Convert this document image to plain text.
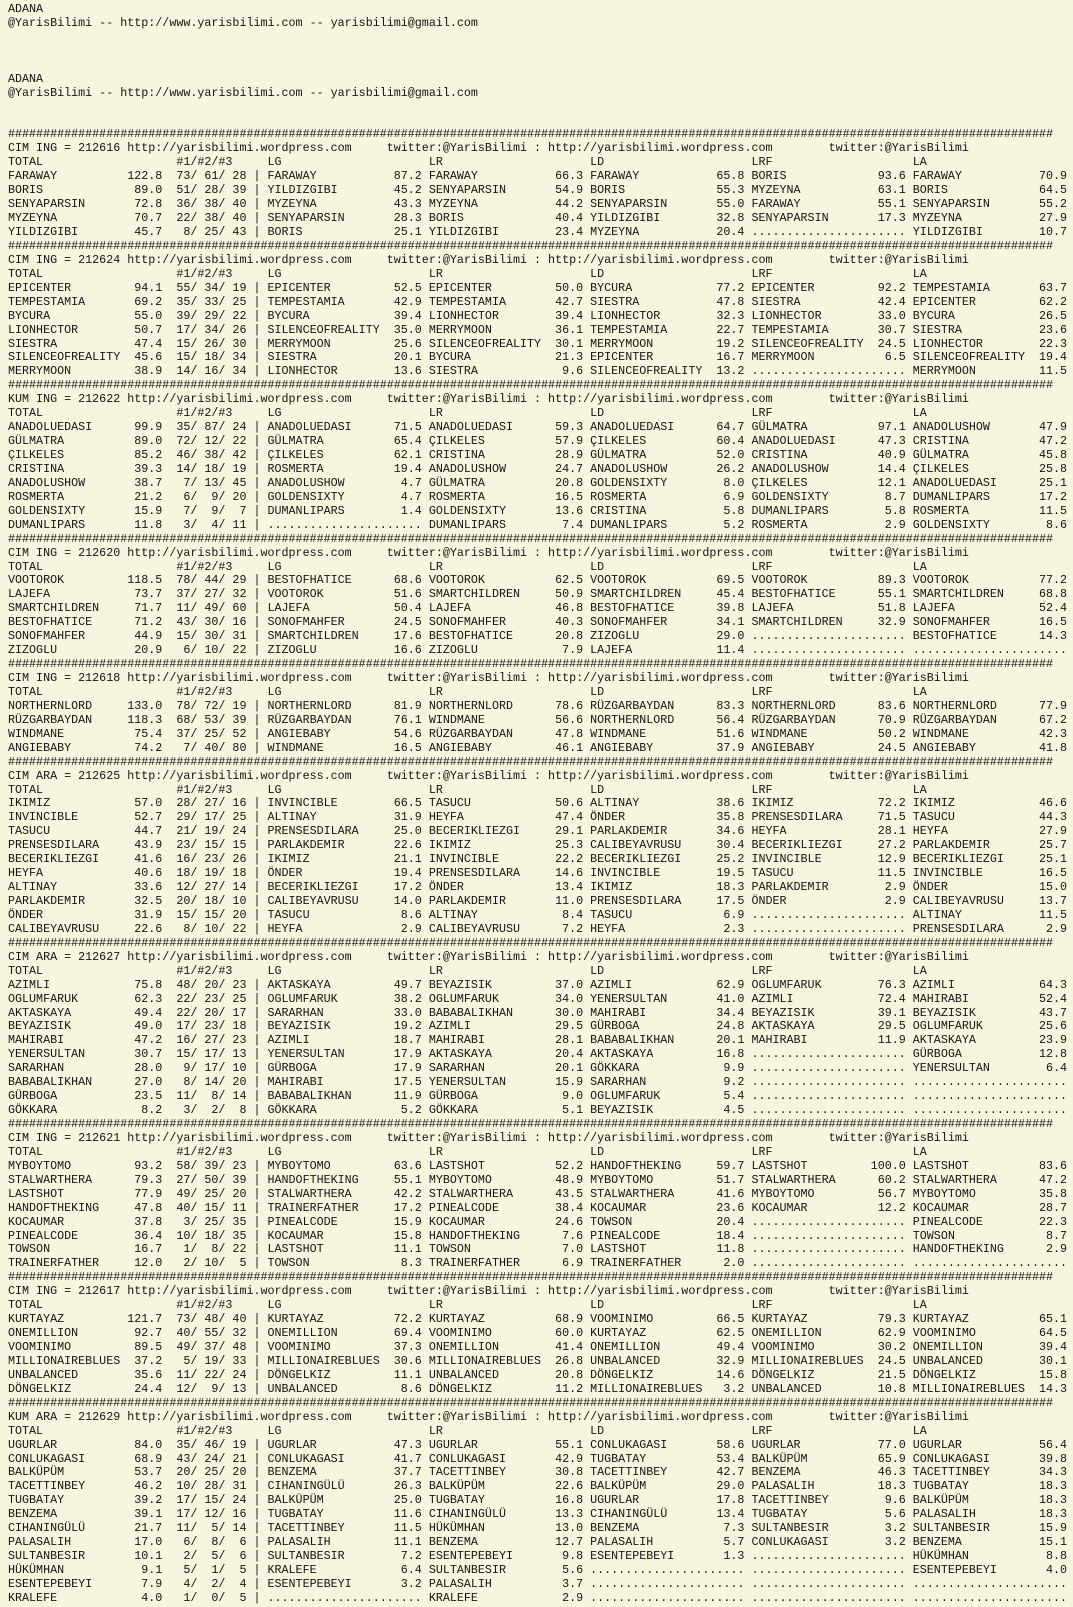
ADANA
@YarisBilimi -- http://www.yarisbilimi.com -- yarisbilimi@gmail.com
ADANA
@YarisBilimi -- http://www.yarisbilimi.com -- yarisbilimi@gmail.com
#####################################################################################################################################################
CIM ING = 212616 http://yarisbilimi.wordpress.com     twitter:@YarisBilimi : http://yarisbilimi.wordpress.com        twitter:@YarisBilimi
TOTAL                   #1/#2/#3     LG                     LR                     LD                     LRF                    LA
FARAWAY          122.8  73/ 61/ 28 | FARAWAY           87.2 FARAWAY           66.3 FARAWAY           65.8 BORIS             93.6 FARAWAY           70.9
BORIS             89.0  51/ 28/ 39 | YILDIZGIBI        45.2 SENYAPARSIN       54.9 BORIS             55.3 MYZEYNA           63.1 BORIS             64.5
SENYAPARSIN       72.8  36/ 38/ 40 | MYZEYNA           43.3 MYZEYNA           44.2 SENYAPARSIN       55.0 FARAWAY           55.1 SENYAPARSIN       55.2
MYZEYNA           70.7  22/ 38/ 40 | SENYAPARSIN       28.3 BORIS             40.4 YILDIZGIBI        32.8 SENYAPARSIN       17.3 MYZEYNA           27.9
YILDIZGIBI        45.7   8/ 25/ 43 | BORIS             25.1 YILDIZGIBI        23.4 MYZEYNA           20.4 ...................... YILDIZGIBI        10.7
#####################################################################################################################################################
CIM ING = 212624 http://yarisbilimi.wordpress.com     twitter:@YarisBilimi : http://yarisbilimi.wordpress.com        twitter:@YarisBilimi
TOTAL                   #1/#2/#3     LG                     LR                     LD                     LRF                    LA
EPICENTER         94.1  55/ 34/ 19 | EPICENTER         52.5 EPICENTER         50.0 BYCURA            77.2 EPICENTER         92.2 TEMPESTAMIA       63.7
TEMPESTAMIA       69.2  35/ 33/ 25 | TEMPESTAMIA       42.9 TEMPESTAMIA       42.7 SIESTRA           47.8 SIESTRA           42.4 EPICENTER         62.2
BYCURA            55.0  39/ 29/ 22 | BYCURA            39.4 LIONHECTOR        39.4 LIONHECTOR        32.3 LIONHECTOR        33.0 BYCURA            26.5
LIONHECTOR        50.7  17/ 34/ 26 | SILENCEOFREALITY  35.0 MERRYMOON         36.1 TEMPESTAMIA       22.7 TEMPESTAMIA       30.7 SIESTRA           23.6
SIESTRA           47.4  15/ 26/ 30 | MERRYMOON         25.6 SILENCEOFREALITY  30.1 MERRYMOON         19.2 SILENCEOFREALITY  24.5 LIONHECTOR        22.3
SILENCEOFREALITY  45.6  15/ 18/ 34 | SIESTRA           20.1 BYCURA            21.3 EPICENTER         16.7 MERRYMOON          6.5 SILENCEOFREALITY  19.4
MERRYMOON         38.9  14/ 16/ 34 | LIONHECTOR        13.6 SIESTRA            9.6 SILENCEOFREALITY  13.2 ...................... MERRYMOON         11.5
#####################################################################################################################################################
KUM ING = 212622 http://yarisbilimi.wordpress.com     twitter:@YarisBilimi : http://yarisbilimi.wordpress.com        twitter:@YarisBilimi
TOTAL                   #1/#2/#3     LG                     LR                     LD                     LRF                    LA
ANADOLUEDASI      99.9  35/ 87/ 24 | ANADOLUEDASI      71.5 ANADOLUEDASI      59.3 ANADOLUEDASI      64.7 GÜLMATRA          97.1 ANADOLUSHOW       47.9
GÜLMATRA          89.0  72/ 12/ 22 | GÜLMATRA          65.4 ÇILKELES          57.9 ÇILKELES          60.4 ANADOLUEDASI      47.3 CRISTINA          47.2
ÇILKELES          85.2  46/ 38/ 42 | ÇILKELES          62.1 CRISTINA          28.9 GÜLMATRA          52.0 CRISTINA          40.9 GÜLMATRA          45.8
CRISTINA          39.3  14/ 18/ 19 | ROSMERTA          19.4 ANADOLUSHOW       24.7 ANADOLUSHOW       26.2 ANADOLUSHOW       14.4 ÇILKELES          25.8
ANADOLUSHOW       38.7   7/ 13/ 45 | ANADOLUSHOW        4.7 GÜLMATRA          20.8 GOLDENSIXTY        8.0 ÇILKELES          12.1 ANADOLUEDASI      25.1
ROSMERTA          21.2   6/  9/ 20 | GOLDENSIXTY        4.7 ROSMERTA          16.5 ROSMERTA           6.9 GOLDENSIXTY        8.7 DUMANLIPARS       17.2
GOLDENSIXTY       15.9   7/  9/  7 | DUMANLIPARS        1.4 GOLDENSIXTY       13.6 CRISTINA           5.8 DUMANLIPARS        5.8 ROSMERTA          11.5
DUMANLIPARS       11.8   3/  4/ 11 | ...................... DUMANLIPARS        7.4 DUMANLIPARS        5.2 ROSMERTA           2.9 GOLDENSIXTY        8.6
#####################################################################################################################################################
CIM ING = 212620 http://yarisbilimi.wordpress.com     twitter:@YarisBilimi : http://yarisbilimi.wordpress.com        twitter:@YarisBilimi
TOTAL                   #1/#2/#3     LG                     LR                     LD                     LRF                    LA
VOOTOROK         118.5  78/ 44/ 29 | BESTOFHATICE      68.6 VOOTOROK          62.5 VOOTOROK          69.5 VOOTOROK          89.3 VOOTOROK          77.2
LAJEFA            73.7  37/ 27/ 32 | VOOTOROK          51.6 SMARTCHILDREN     50.9 SMARTCHILDREN     45.4 BESTOFHATICE      55.1 SMARTCHILDREN     68.8
SMARTCHILDREN     71.7  11/ 49/ 60 | LAJEFA            50.4 LAJEFA            46.8 BESTOFHATICE      39.8 LAJEFA            51.8 LAJEFA            52.4
BESTOFHATICE      71.2  43/ 30/ 16 | SONOFMAHFER       24.5 SONOFMAHFER       40.3 SONOFMAHFER       34.1 SMARTCHILDREN     32.9 SONOFMAHFER       16.5
SONOFMAHFER       44.9  15/ 30/ 31 | SMARTCHILDREN     17.6 BESTOFHATICE      20.8 ZIZOGLU           29.0 ...................... BESTOFHATICE      14.3
ZIZOGLU           20.9   6/ 10/ 22 | ZIZOGLU           16.6 ZIZOGLU            7.9 LAJEFA            11.4 ...................... ......................
#####################################################################################################################################################
CIM ING = 212618 http://yarisbilimi.wordpress.com     twitter:@YarisBilimi : http://yarisbilimi.wordpress.com        twitter:@YarisBilimi
TOTAL                   #1/#2/#3     LG                     LR                     LD                     LRF                    LA
NORTHERNLORD     133.0  78/ 72/ 19 | NORTHERNLORD      81.9 NORTHERNLORD      78.6 RÜZGARBAYDAN      83.3 NORTHERNLORD      83.6 NORTHERNLORD      77.9
RÜZGARBAYDAN     118.3  68/ 53/ 39 | RÜZGARBAYDAN      76.1 WINDMANE          56.6 NORTHERNLORD      56.4 RÜZGARBAYDAN      70.9 RÜZGARBAYDAN      67.2
WINDMANE          75.4  37/ 25/ 52 | ANGIEBABY         54.6 RÜZGARBAYDAN      47.8 WINDMANE          51.6 WINDMANE          50.2 WINDMANE          42.3
ANGIEBABY         74.2   7/ 40/ 80 | WINDMANE          16.5 ANGIEBABY         46.1 ANGIEBABY         37.9 ANGIEBABY         24.5 ANGIEBABY         41.8
#####################################################################################################################################################
CIM ARA = 212625 http://yarisbilimi.wordpress.com     twitter:@YarisBilimi : http://yarisbilimi.wordpress.com        twitter:@YarisBilimi
TOTAL                   #1/#2/#3     LG                     LR                     LD                     LRF                    LA
IKIMIZ            57.0  28/ 27/ 16 | INVINCIBLE        66.5 TASUCU            50.6 ALTINAY           38.6 IKIMIZ            72.2 IKIMIZ            46.6
INVINCIBLE        52.7  29/ 17/ 25 | ALTINAY           31.9 HEYFA             47.4 ÖNDER             35.8 PRENSESDILARA     71.5 TASUCU            44.3
TASUCU            44.7  21/ 19/ 24 | PRENSESDILARA     25.0 BECERIKLIEZGI     29.1 PARLAKDEMIR       34.6 HEYFA             28.1 HEYFA             27.9
PRENSESDILARA     43.9  23/ 15/ 15 | PARLAKDEMIR       22.6 IKIMIZ            25.3 CALIBEYAVRUSU     30.4 BECERIKLIEZGI     27.2 PARLAKDEMIR       25.7
BECERIKLIEZGI     41.6  16/ 23/ 26 | IKIMIZ            21.1 INVINCIBLE        22.2 BECERIKLIEZGI     25.2 INVINCIBLE        12.9 BECERIKLIEZGI     25.1
HEYFA             40.6  18/ 19/ 18 | ÖNDER             19.4 PRENSESDILARA     14.6 INVINCIBLE        19.5 TASUCU            11.5 INVINCIBLE        16.5
ALTINAY           33.6  12/ 27/ 14 | BECERIKLIEZGI     17.2 ÖNDER             13.4 IKIMIZ            18.3 PARLAKDEMIR        2.9 ÖNDER             15.0
PARLAKDEMIR       32.5  20/ 18/ 10 | CALIBEYAVRUSU     14.0 PARLAKDEMIR       11.0 PRENSESDILARA     17.5 ÖNDER              2.9 CALIBEYAVRUSU     13.7
ÖNDER             31.9  15/ 15/ 20 | TASUCU             8.6 ALTINAY            8.4 TASUCU             6.9 ...................... ALTINAY           11.5
CALIBEYAVRUSU     22.6   8/ 10/ 22 | HEYFA              2.9 CALIBEYAVRUSU      7.2 HEYFA              2.3 ...................... PRENSESDILARA      2.9
#####################################################################################################################################################
CIM ARA = 212627 http://yarisbilimi.wordpress.com     twitter:@YarisBilimi : http://yarisbilimi.wordpress.com        twitter:@YarisBilimi
TOTAL                   #1/#2/#3     LG                     LR                     LD                     LRF                    LA
AZIMLI            75.8  48/ 20/ 23 | AKTASKAYA         49.7 BEYAZISIK         37.0 AZIMLI            62.9 OGLUMFARUK        76.3 AZIMLI            64.3
OGLUMFARUK        62.3  22/ 23/ 25 | OGLUMFARUK        38.2 OGLUMFARUK        34.0 YENERSULTAN       41.0 AZIMLI            72.4 MAHIRABI          52.4
AKTASKAYA         49.4  22/ 20/ 17 | SARARHAN          33.0 BABABALIKHAN      30.0 MAHIRABI          34.4 BEYAZISIK         39.1 BEYAZISIK         43.7
BEYAZISIK         49.0  17/ 23/ 18 | BEYAZISIK         19.2 AZIMLI            29.5 GÜRBOGA           24.8 AKTASKAYA         29.5 OGLUMFARUK        25.6
MAHIRABI          47.2  16/ 27/ 23 | AZIMLI            18.7 MAHIRABI          28.1 BABABALIKHAN      20.1 MAHIRABI          11.9 AKTASKAYA         23.9
YENERSULTAN       30.7  15/ 17/ 13 | YENERSULTAN       17.9 AKTASKAYA         20.4 AKTASKAYA         16.8 ...................... GÜRBOGA           12.8
SARARHAN          28.0   9/ 17/ 10 | GÜRBOGA           17.9 SARARHAN          20.1 GÖKKARA            9.9 ...................... YENERSULTAN        6.4
BABABALIKHAN      27.0   8/ 14/ 20 | MAHIRABI          17.5 YENERSULTAN       15.9 SARARHAN           9.2 ...................... ......................
GÜRBOGA           23.5  11/  8/ 14 | BABABALIKHAN      11.9 GÜRBOGA            9.0 OGLUMFARUK         5.4 ...................... ......................
GÖKKARA            8.2   3/  2/  8 | GÖKKARA            5.2 GÖKKARA            5.1 BEYAZISIK          4.5 ...................... ......................
#####################################################################################################################################################
CIM ING = 212621 http://yarisbilimi.wordpress.com     twitter:@YarisBilimi : http://yarisbilimi.wordpress.com        twitter:@YarisBilimi
TOTAL                   #1/#2/#3     LG                     LR                     LD                     LRF                    LA
MYBOYTOMO         93.2  58/ 39/ 23 | MYBOYTOMO         63.6 LASTSHOT          52.2 HANDOFTHEKING     59.7 LASTSHOT         100.0 LASTSHOT          83.6
STALWARTHERA      79.3  27/ 50/ 39 | HANDOFTHEKING     55.1 MYBOYTOMO         48.9 MYBOYTOMO         51.7 STALWARTHERA      60.2 STALWARTHERA      47.2
LASTSHOT          77.9  49/ 25/ 20 | STALWARTHERA      42.2 STALWARTHERA      43.5 STALWARTHERA      41.6 MYBOYTOMO         56.7 MYBOYTOMO         35.8
HANDOFTHEKING     47.8  40/ 15/ 11 | TRAINERFATHER     17.2 PINEALCODE        38.4 KOCAUMAR          23.6 KOCAUMAR          12.2 KOCAUMAR          28.7
KOCAUMAR          37.8   3/ 25/ 35 | PINEALCODE        15.9 KOCAUMAR          24.6 TOWSON            20.4 ...................... PINEALCODE        22.3
PINEALCODE        36.4  10/ 18/ 35 | KOCAUMAR          15.8 HANDOFTHEKING      7.6 PINEALCODE        18.4 ...................... TOWSON             8.7
TOWSON            16.7   1/  8/ 22 | LASTSHOT          11.1 TOWSON             7.0 LASTSHOT          11.8 ...................... HANDOFTHEKING      2.9
TRAINERFATHER     12.0   2/ 10/  5 | TOWSON             8.3 TRAINERFATHER      6.9 TRAINERFATHER      2.0 ...................... ......................
#####################################################################################################################################################
CIM ING = 212617 http://yarisbilimi.wordpress.com     twitter:@YarisBilimi : http://yarisbilimi.wordpress.com        twitter:@YarisBilimi
TOTAL                   #1/#2/#3     LG                     LR                     LD                     LRF                    LA
KURTAYAZ         121.7  73/ 48/ 40 | KURTAYAZ          72.2 KURTAYAZ          68.9 VOOMINIMO         66.5 KURTAYAZ          79.3 KURTAYAZ          65.1
ONEMILLION        92.7  40/ 55/ 32 | ONEMILLION        69.4 VOOMINIMO         60.0 KURTAYAZ          62.5 ONEMILLION        62.9 VOOMINIMO         64.5
VOOMINIMO         89.5  49/ 37/ 48 | VOOMINIMO         37.3 ONEMILLION        41.4 ONEMILLION        49.4 VOOMINIMO         30.2 ONEMILLION        39.4
MILLIONAIREBLUES  37.2   5/ 19/ 33 | MILLIONAIREBLUES  30.6 MILLIONAIREBLUES  26.8 UNBALANCED        32.9 MILLIONAIREBLUES  24.5 UNBALANCED        30.1
UNBALANCED        35.6  11/ 22/ 24 | DÖNGELKIZ         11.1 UNBALANCED        20.8 DÖNGELKIZ         14.6 DÖNGELKIZ         21.5 DÖNGELKIZ         15.8
DÖNGELKIZ         24.4  12/  9/ 13 | UNBALANCED         8.6 DÖNGELKIZ         11.2 MILLIONAIREBLUES   3.2 UNBALANCED        10.8 MILLIONAIREBLUES  14.3
#####################################################################################################################################################
KUM ARA = 212629 http://yarisbilimi.wordpress.com     twitter:@YarisBilimi : http://yarisbilimi.wordpress.com        twitter:@YarisBilimi
TOTAL                   #1/#2/#3     LG                     LR                     LD                     LRF                    LA
UGURLAR           84.0  35/ 46/ 19 | UGURLAR           47.3 UGURLAR           55.1 CONLUKAGASI       58.6 UGURLAR           77.0 UGURLAR           56.4
CONLUKAGASI       68.9  43/ 24/ 21 | CONLUKAGASI       41.7 CONLUKAGASI       42.9 TUGBATAY          53.4 BALKÜPÜM          65.9 CONLUKAGASI       39.8
BALKÜPÜM          53.7  20/ 25/ 20 | BENZEMA           37.7 TACETTINBEY       30.8 TACETTINBEY       42.7 BENZEMA           46.3 TACETTINBEY       34.3
TACETTINBEY       46.2  10/ 28/ 31 | CIHANINGÜLÜ       26.3 BALKÜPÜM          22.6 BALKÜPÜM          29.0 PALASALIH         18.3 TUGBATAY          18.3
TUGBATAY          39.2  17/ 15/ 24 | BALKÜPÜM          25.0 TUGBATAY          16.8 UGURLAR           17.8 TACETTINBEY        9.6 BALKÜPÜM          18.3
BENZEMA           39.1  17/ 12/ 16 | TUGBATAY          11.6 CIHANINGÜLÜ       13.3 CIHANINGÜLÜ       13.4 TUGBATAY           5.6 PALASALIH         18.3
CIHANINGÜLÜ       21.7  11/  5/ 14 | TACETTINBEY       11.5 HÜKÜMHAN          13.0 BENZEMA            7.3 SULTANBESIR        3.2 SULTANBESIR       15.9
PALASALIH         17.0   6/  8/  6 | PALASALIH         11.1 BENZEMA           12.7 PALASALIH          5.7 CONLUKAGASI        3.2 BENZEMA           15.1
SULTANBESIR       10.1   2/  5/  6 | SULTANBESIR        7.2 ESENTEPEBEYI       9.8 ESENTEPEBEYI       1.3 ...................... HÜKÜMHAN           8.8
HÜKÜMHAN           9.1   5/  1/  5 | KRALEFE            6.4 SULTANBESIR        5.6 ...................... ...................... ESENTEPEBEYI       4.0
ESENTEPEBEYI       7.9   4/  2/  4 | ESENTEPEBEYI       3.2 PALASALIH          3.7 ...................... ...................... ......................
KRALEFE            4.0   1/  0/  5 | ...................... KRALEFE            2.9 ...................... ...................... ......................
